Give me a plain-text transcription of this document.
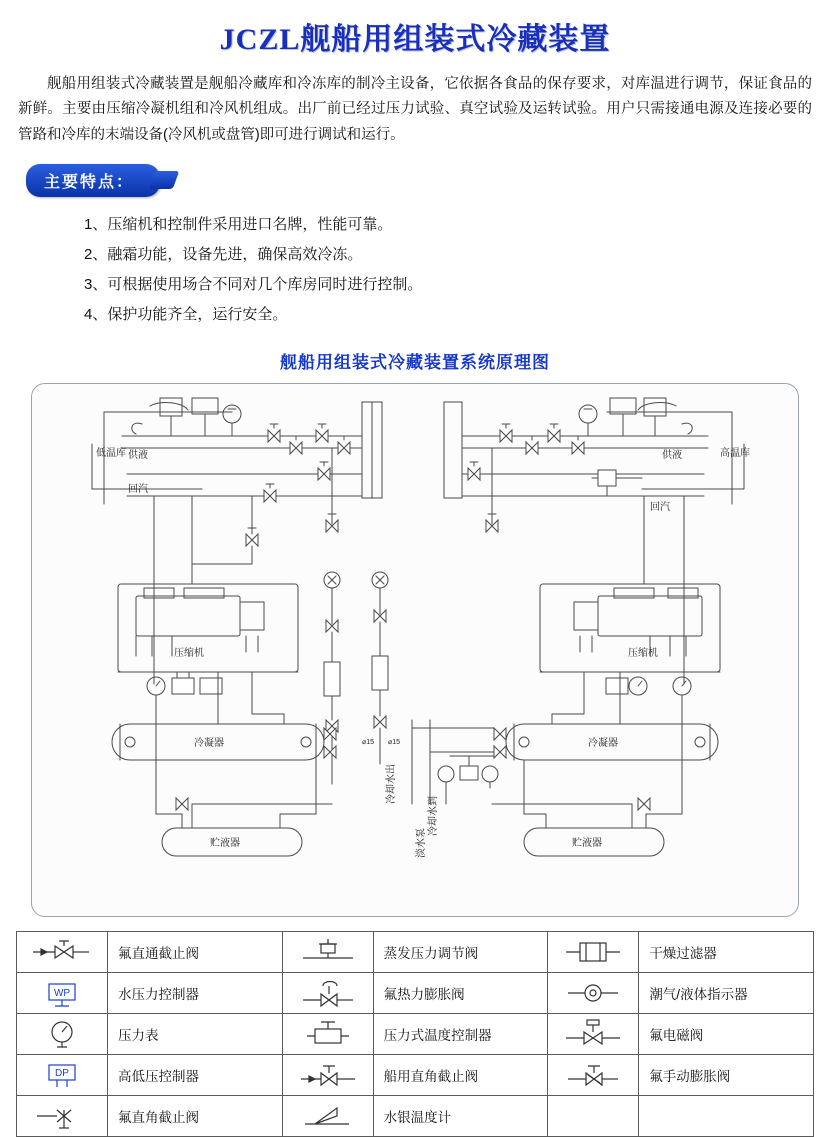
JCZL舰船用组装式冷藏装置

舰船用组装式冷藏装置是舰船冷藏库和冷冻库的制冷主设备，它依据各食品的保存要求，对库温进行调节，保证食品的新鲜。主要由压缩冷凝机组和冷风机组成。出厂前已经过压力试验、真空试验及运转试验。用户只需接通电源及连接必要的管路和冷库的末端设备(冷风机或盘管)即可进行调试和运行。

主要特点：
1、压缩机和控制件采用进口名牌，性能可靠。
2、融霜功能，设备先进，确保高效冷冻。
3、可根据使用场合不同对几个库房同时进行控制。
4、保护功能齐全，运行安全。
舰船用组装式冷藏装置系统原理图
压缩机	压缩机
⌀15 ⌀15
冷凝器	冷凝器
贮液器	贮液器
低温库	高温库
供液
回汽
供液
回汽
冷却水出
冷却水到
淡水泵
	氟直通截止阀		蒸发压力调节阀		干燥过滤器

WP	水压力控制器		氟热力膨胀阀		潮气/液体指示器

	压力表		压力式温度控制器		氟电磁阀

DP	高低压控制器		船用直角截止阀		氟手动膨胀阀

	氟直角截止阀		水银温度计		
